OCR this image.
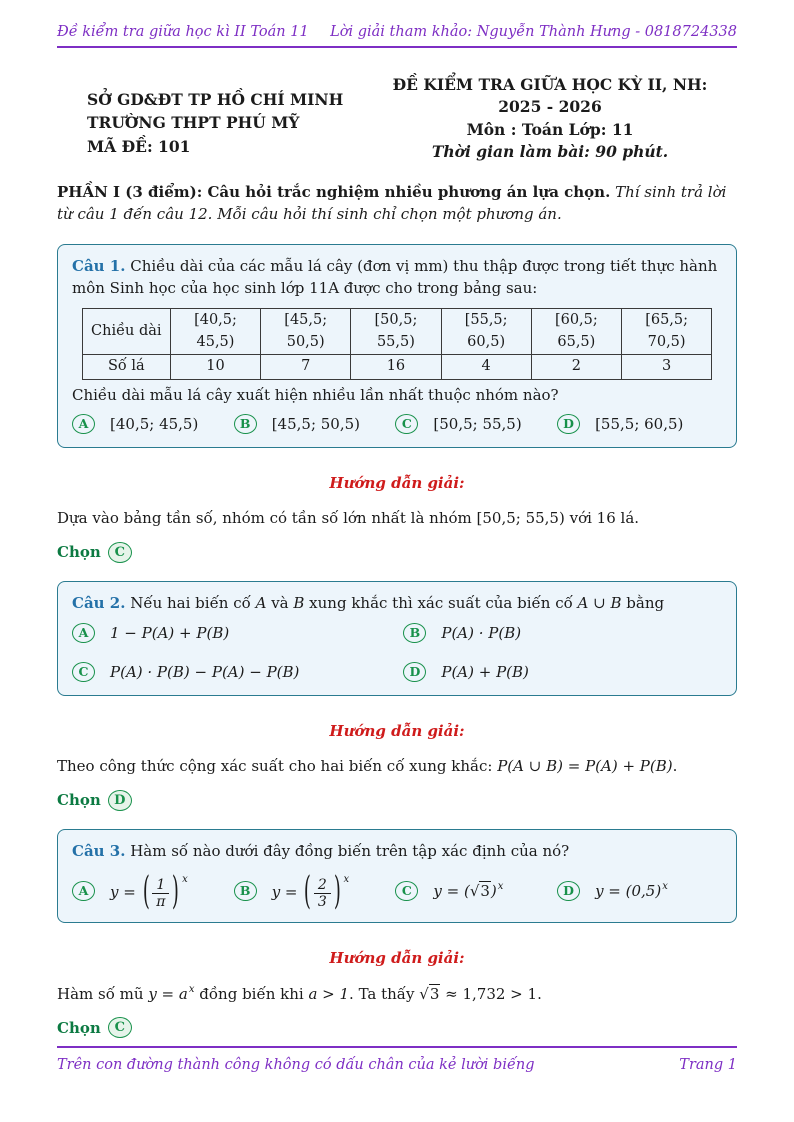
Đề kiểm tra giữa học kì II Toán 11 Lời giải tham khảo: Nguyễn Thành Hưng - 0818724338
SỞ GD&ĐT TP HỒ CHÍ MINH
TRƯỜNG THPT PHÚ MỸ
MÃ ĐỀ: 101
ĐỀ KIỂM TRA GIỮA HỌC KỲ II, NH:
2025 - 2026
Môn : Toán Lớp: 11
Thời gian làm bài: 90 phút.
PHẦN I (3 điểm): Câu hỏi trắc nghiệm nhiều phương án lựa chọn. Thí sinh trả lời từ câu 1 đến câu 12. Mỗi câu hỏi thí sinh chỉ chọn một phương án.
Câu 1. Chiều dài của các mẫu lá cây (đơn vị mm) thu thập được trong tiết thực hành môn Sinh học của học sinh lớp 11A được cho trong bảng sau:
Chiều dài	[40,5; 45,5)	[45,5; 50,5)	[50,5; 55,5)	[55,5; 60,5)	[60,5; 65,5)	[65,5; 70,5)
Số lá	10	7	16	4	2	3
Chiều dài mẫu lá cây xuất hiện nhiều lần nhất thuộc nhóm nào?
A	[40,5; 45,5)	B	[45,5; 50,5)	C	[50,5; 55,5)	D	[55,5; 60,5)
Hướng dẫn giải:
Dựa vào bảng tần số, nhóm có tần số lớn nhất là nhóm [50,5; 55,5) với 16 lá.
Chọn	C
Câu 2. Nếu hai biến cố A và B xung khắc thì xác suất của biến cố A ∪ B bằng
A	1 − P(A) + P(B)	B	P(A) · P(B)
C	P(A) · P(B) − P(A) − P(B)	D	P(A) + P(B)
Hướng dẫn giải:
Theo công thức cộng xác suất cho hai biến cố xung khắc: P(A ∪ B) = P(A) + P(B).
Chọn	D
Câu 3. Hàm số nào dưới đây đồng biến trên tập xác định của nó?
A	y = ( $\frac{1}{\pi}$ ) x
B	y = ( $\frac{2}{3}$ ) x
C	$y = (√3)^x$	D	$y = (0,5)^x$
Hướng dẫn giải:
Hàm số mũ $y = a^x$ đồng biến khi a > 1. Ta thấy √3 ≈ 1,732 > 1.
Chọn	C
Trên con đường thành công không có dấu chân của kẻ lười biếng	Trang 1
